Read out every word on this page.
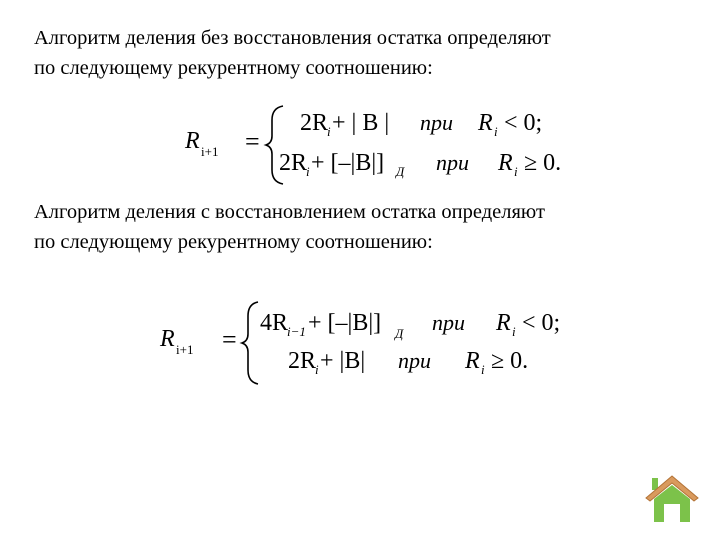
Алгоритм деления без восстановления остатка определяют
по следующему рекурентному соотношению:

R i+1 =
2R
i + | B | при R i < 0;
2R
i + [–|B|] Д при R i ≥ 0.

Алгоритм деления с восстановлением остатка определяют
по следующему рекурентному соотношению:

R i+1 =
4R
i−1 + [–|B|] Д при R i < 0;
2R
i + |B| при R i ≥ 0.
